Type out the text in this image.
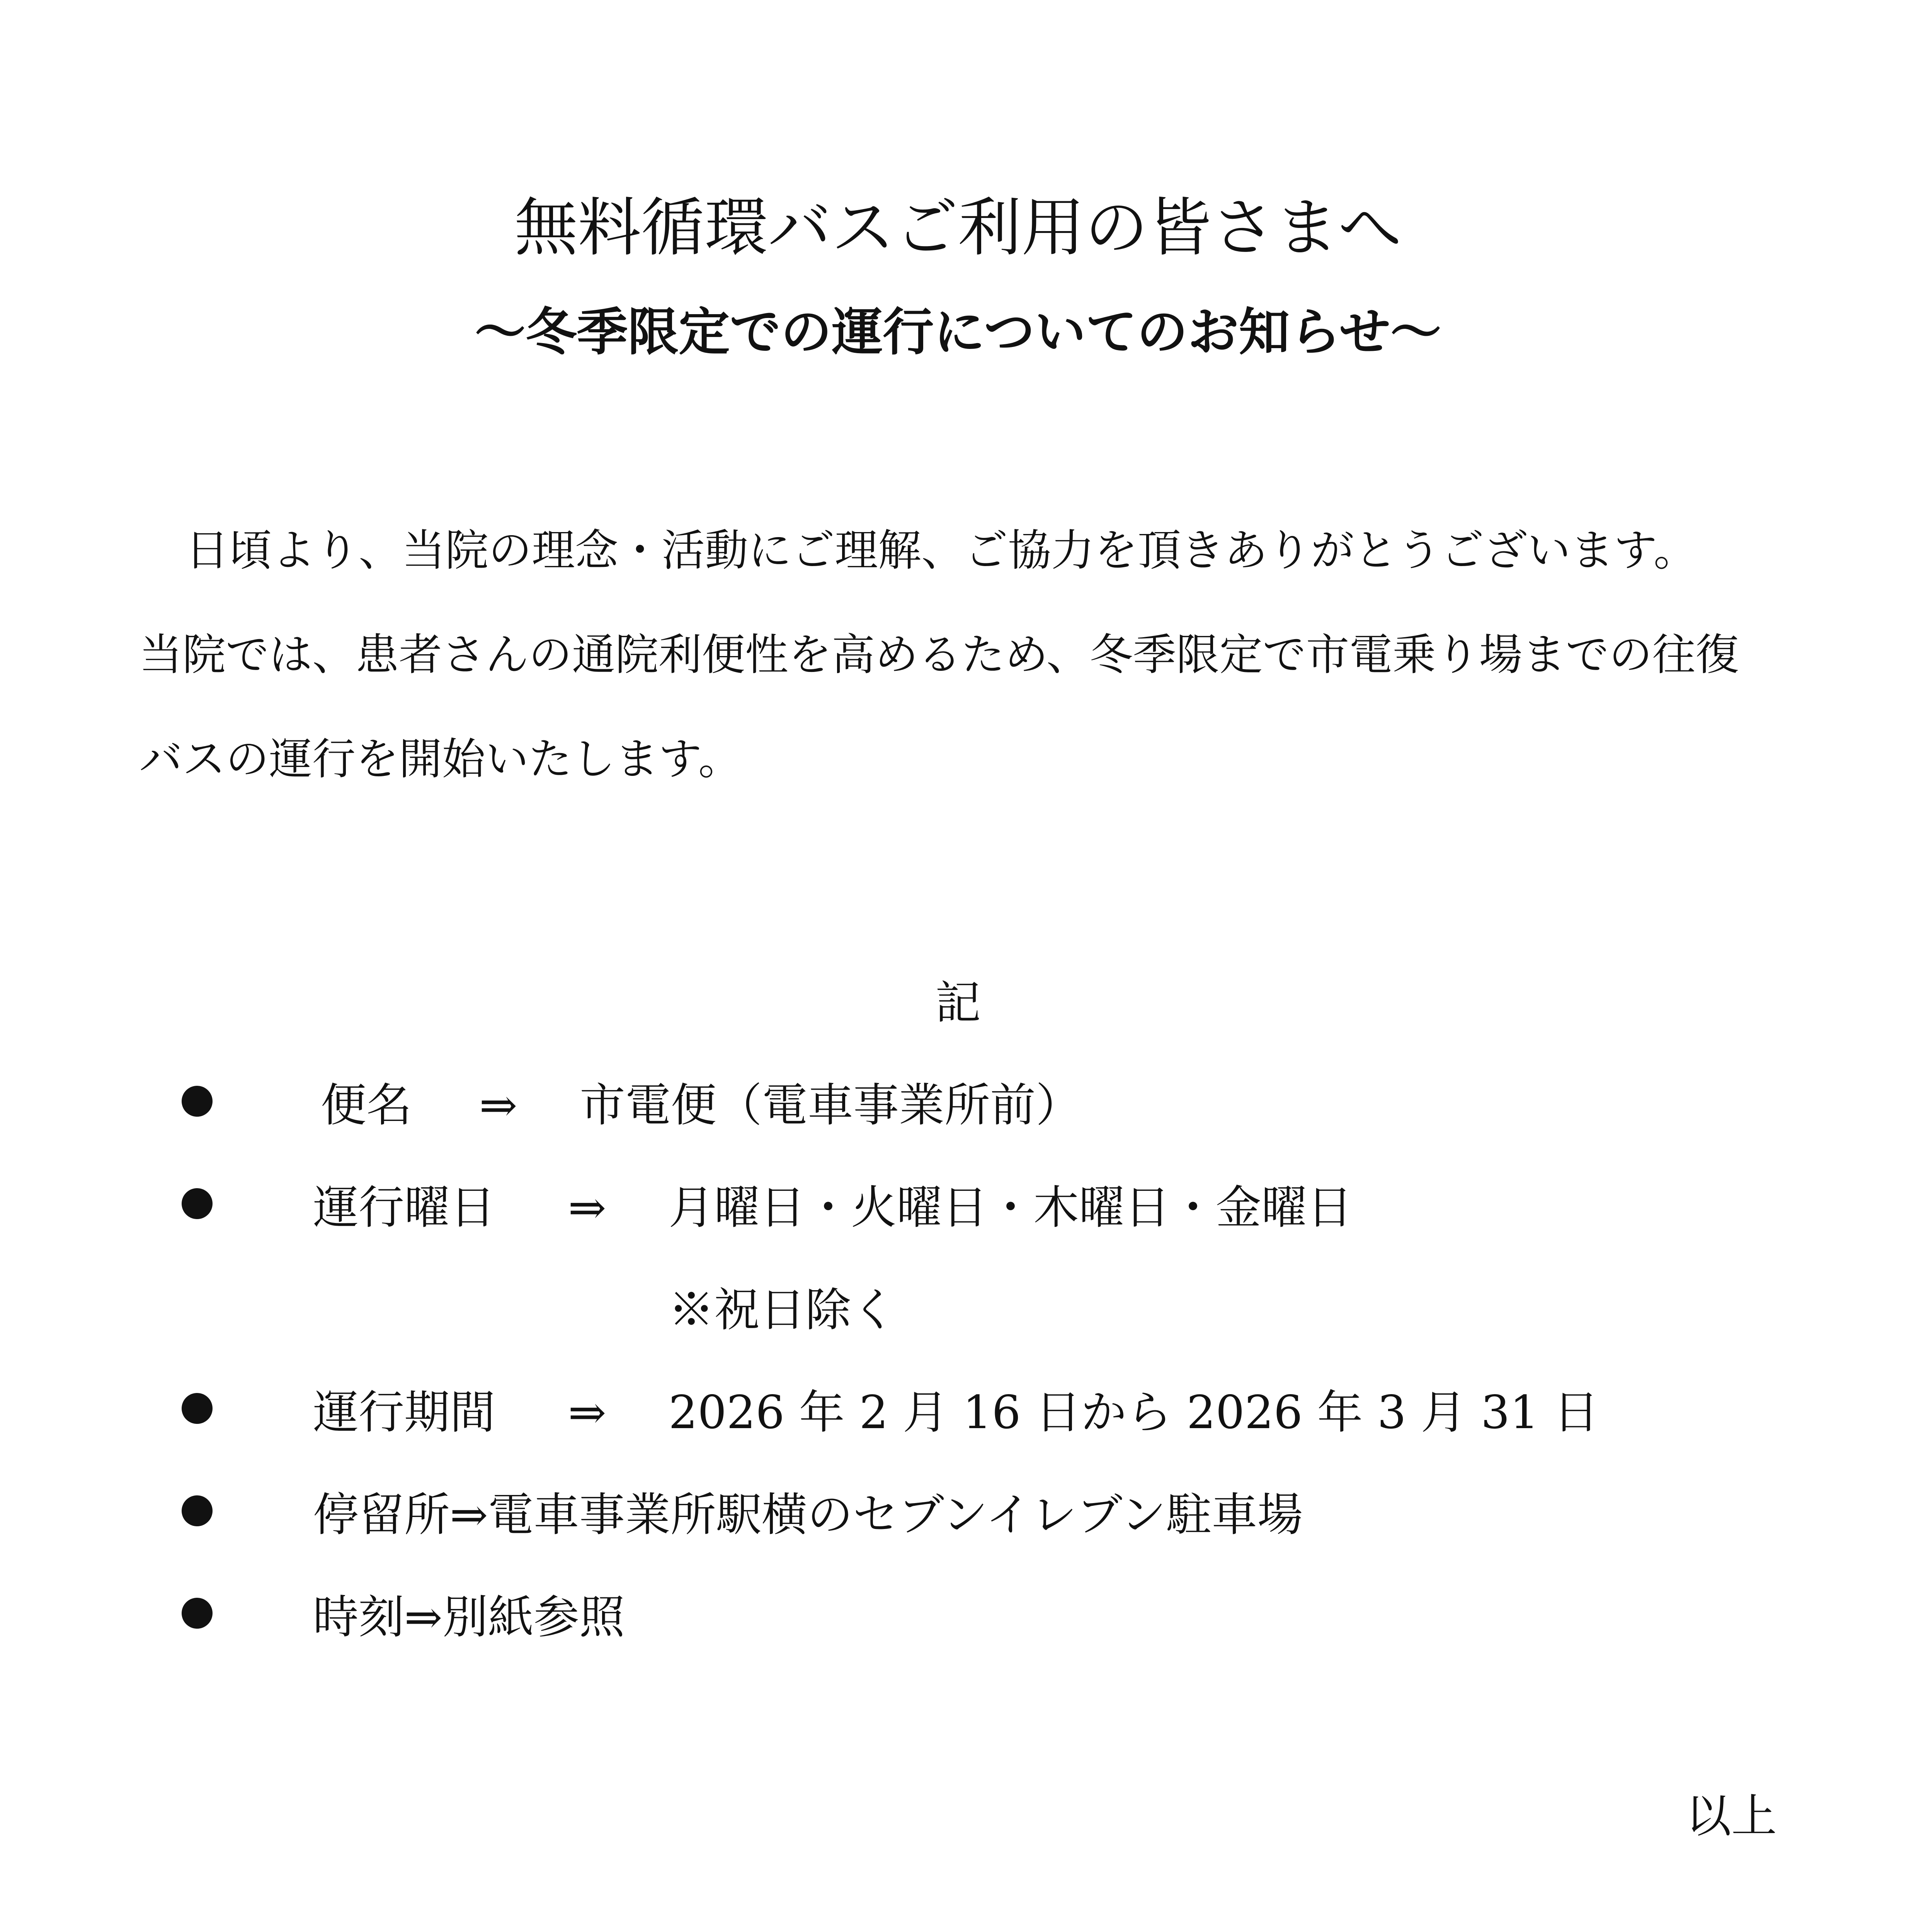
無料循環バスご利用の皆さまへ
〜冬季限定での運行についてのお知らせ〜

日頃より、当院の理念・活動にご理解、ご協力を頂きありがとうございます。

当院では、患者さんの通院利便性を高めるため、冬季限定で市電乗り場までの往復

バスの運行を開始いたします。

記
便名 ⇒ 市電便（電車事業所前）
運行曜日 ⇒ 月曜日・火曜日・木曜日・金曜日
※祝日除く
運行期間 ⇒ 2026 年 2 月 16 日から 2026 年 3 月 31 日
停留所⇒電車事業所駅横のセブンイレブン駐車場
時刻⇒別紙参照
以上
